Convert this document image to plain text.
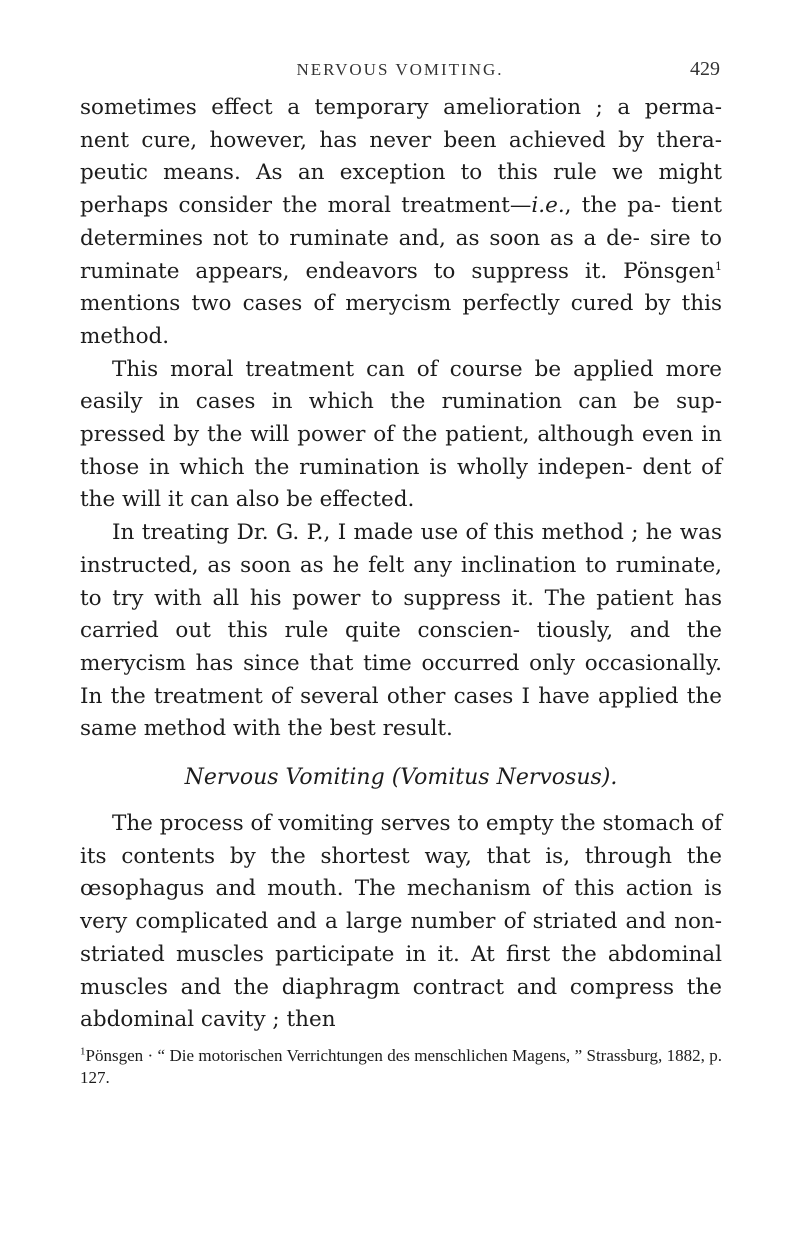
NERVOUS VOMITING.	429

sometimes effect a temporary amelioration ; a perma- nent cure, however, has never been achieved by thera- peutic means. As an exception to this rule we might perhaps consider the moral treatment—i.e., the pa- tient determines not to ruminate and, as soon as a de- sire to ruminate appears, endeavors to suppress it. Pönsgen$^1$ mentions two cases of merycism perfectly cured by this method.

This moral treatment can of course be applied more easily in cases in which the rumination can be sup- pressed by the will power of the patient, although even in those in which the rumination is wholly indepen- dent of the will it can also be effected.

In treating Dr. G. P., I made use of this method ; he was instructed, as soon as he felt any inclination to ruminate, to try with all his power to suppress it. The patient has carried out this rule quite conscien- tiously, and the merycism has since that time occurred only occasionally. In the treatment of several other cases I have applied the same method with the best result.

Nervous Vomiting (Vomitus Nervosus).

The process of vomiting serves to empty the stomach of its contents by the shortest way, that is, through the œsophagus and mouth. The mechanism of this action is very complicated and a large number of striated and non-striated muscles participate in it. At first the abdominal muscles and the diaphragm contract and compress the abdominal cavity ; then

$^1$Pönsgen · “ Die motorischen Verrichtungen des menschlichen Magens, ” Strassburg, 1882, p. 127.
